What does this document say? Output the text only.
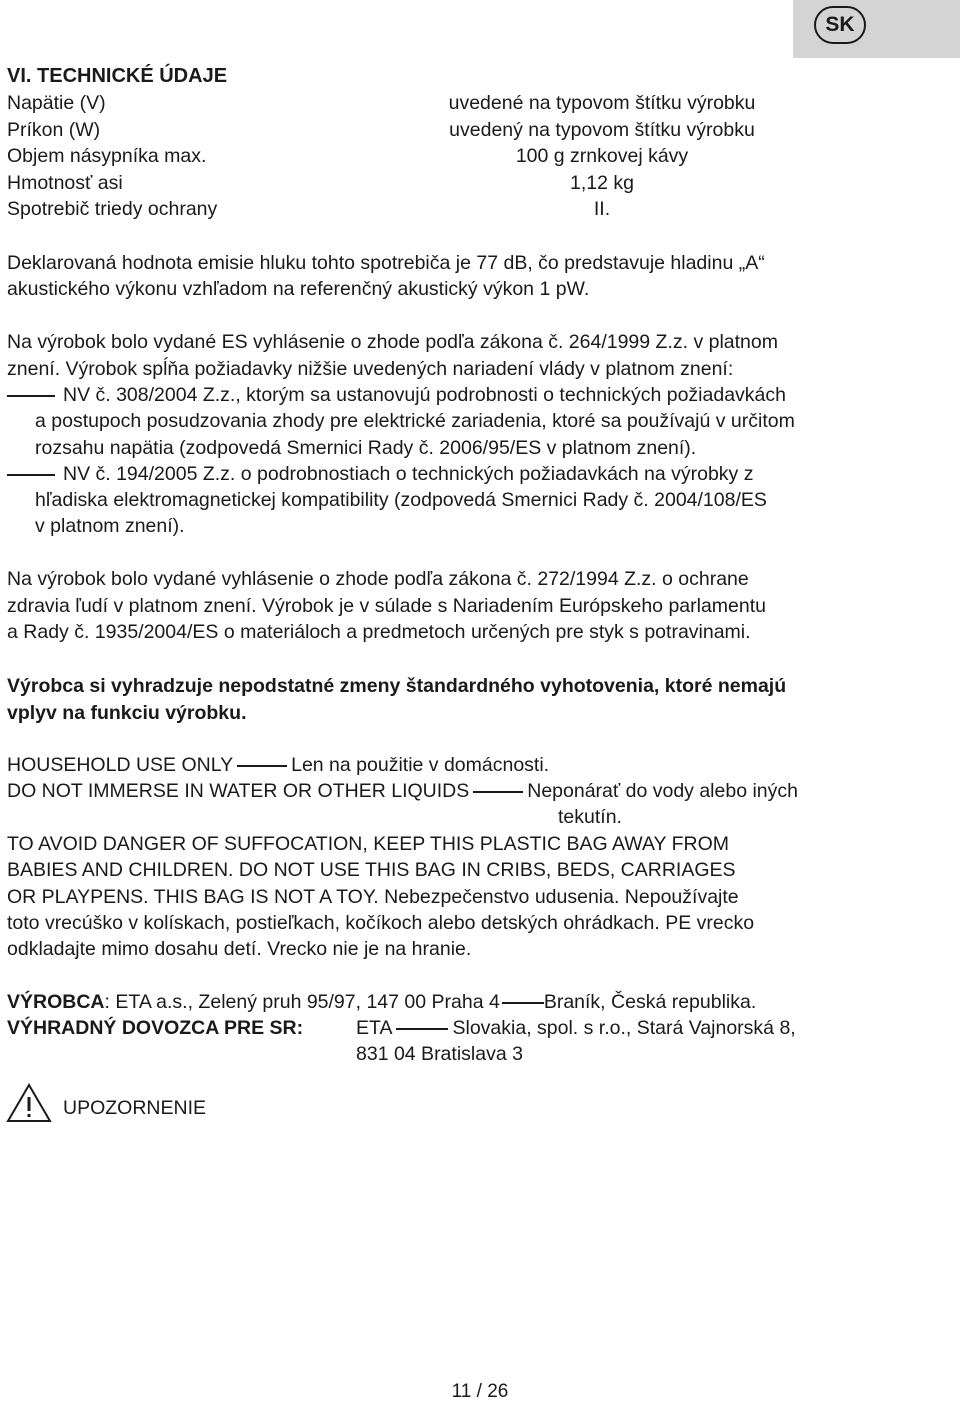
SK
VI. TECHNICKÉ ÚDAJE
Napätie (V)	uvedené na typovom štítku výrobku
Príkon (W)	uvedený na typovom štítku výrobku
Objem násypníka max.	100 g zrnkovej kávy
Hmotnosť asi	1,12 kg
Spotrebič triedy ochrany	II.
Deklarovaná hodnota emisie hluku tohto spotrebiča je 77 dB, čo predstavuje hladinu „A“
akustického výkonu vzhľadom na referenčný akustický výkon 1 pW.
Na výrobok bolo vydané ES vyhlásenie o zhode podľa zákona č. 264/1999 Z.z. v platnom
znení. Výrobok spĺňa požiadavky nižšie uvedených nariadení vlády v platnom znení:
NV č. 308/2004 Z.z., ktorým sa ustanovujú podrobnosti o technických požiadavkách
a postupoch posudzovania zhody pre elektrické zariadenia, ktoré sa používajú v určitom
rozsahu napätia (zodpovedá Smernici Rady č. 2006/95/ES v platnom znení).
NV č. 194/2005 Z.z. o podrobnostiach o technických požiadavkách na výrobky z
hľadiska elektromagnetickej kompatibility (zodpovedá Smernici Rady č. 2004/108/ES
v platnom znení).
Na výrobok bolo vydané vyhlásenie o zhode podľa zákona č. 272/1994 Z.z. o ochrane
zdravia ľudí v platnom znení. Výrobok je v súlade s Nariadením Európskeho parlamentu
a Rady č. 1935/2004/ES o materiáloch a predmetoch určených pre styk s potravinami.
Výrobca si vyhradzuje nepodstatné zmeny štandardného vyhotovenia, ktoré nemajú
vplyv na funkciu výrobku.
HOUSEHOLD USE ONLY	Len na použitie v domácnosti.
DO NOT IMMERSE IN WATER OR OTHER LIQUIDS	Neponárať do vody alebo iných
tekutín.
TO AVOID DANGER OF SUFFOCATION, KEEP THIS PLASTIC BAG AWAY FROM
BABIES AND CHILDREN. DO NOT USE THIS BAG IN CRIBS, BEDS, CARRIAGES
OR PLAYPENS. THIS BAG IS NOT A TOY. Nebezpečenstvo udusenia. Nepoužívajte
toto vrecúško v kolískach, postieľkach, kočíkoch alebo detských ohrádkach. PE vrecko
odkladajte mimo dosahu detí. Vrecko nie je na hranie.
VÝROBCA: ETA a.s., Zelený pruh 95/97, 147 00 Praha 4 Braník, Česká republika.
VÝHRADNÝ DOVOZCA PRE SR:	ETA	Slovakia, spol. s r.o., Stará Vajnorská 8,
831 04 Bratislava 3
UPOZORNENIE
11 / 26
